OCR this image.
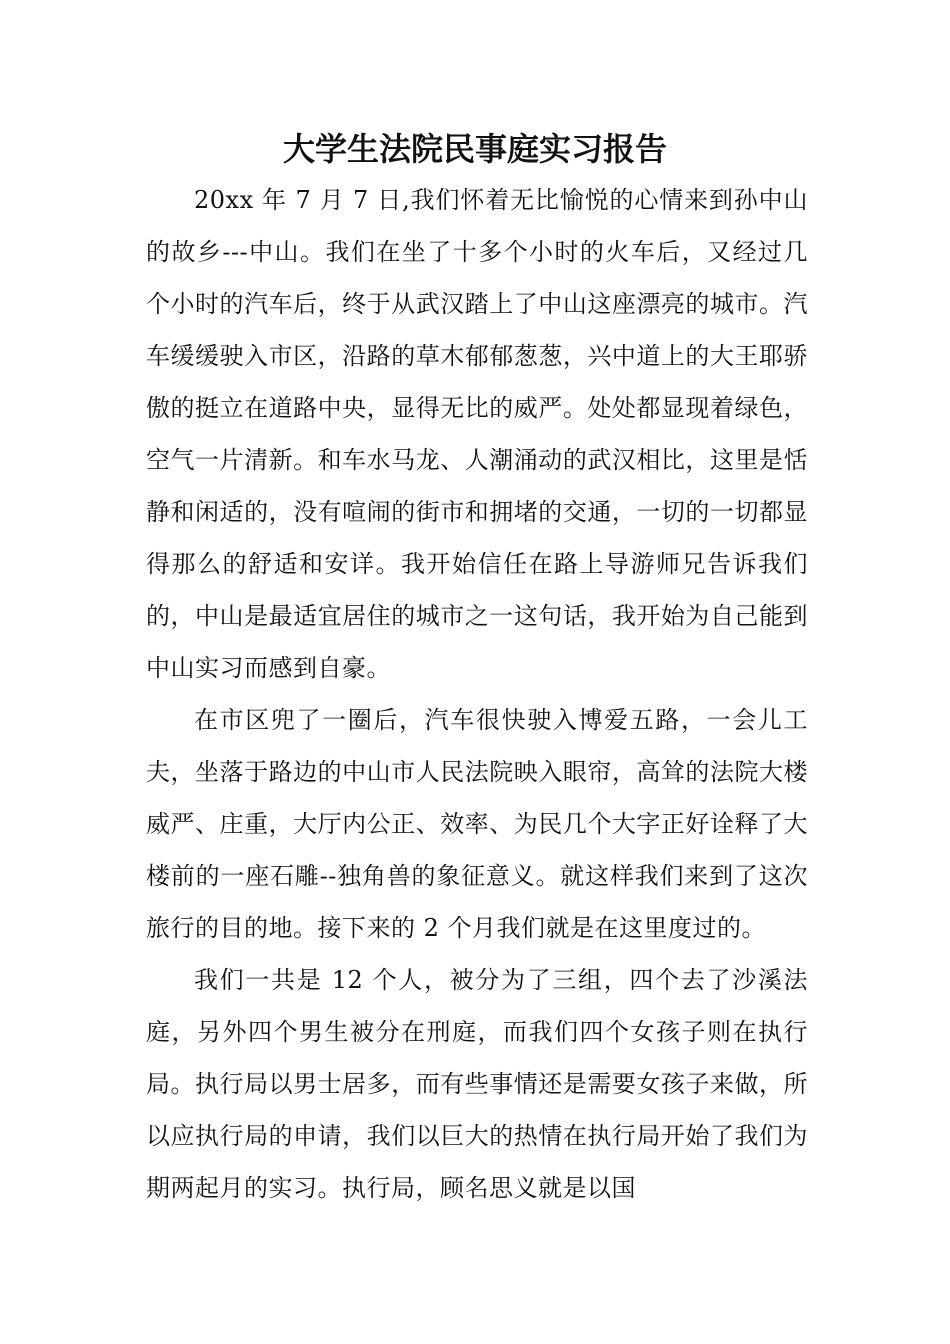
大学生法院民事庭实习报告

20xx 年 7 月 7 日,我们怀着无比愉悦的心情来到孙中山的故乡---中山。我们在坐了十多个小时的火车后，又经过几个小时的汽车后，终于从武汉踏上了中山这座漂亮的城市。汽车缓缓驶入市区，沿路的草木郁郁葱葱，兴中道上的大王耶骄傲的挺立在道路中央，显得无比的威严。处处都显现着绿色，空气一片清新。和车水马龙、人潮涌动的武汉相比，这里是恬静和闲适的，没有喧闹的街市和拥堵的交通，一切的一切都显得那么的舒适和安详。我开始信任在路上导游师兄告诉我们的，中山是最适宜居住的城市之一这句话，我开始为自己能到中山实习而感到自豪。

在市区兜了一圈后，汽车很快驶入博爱五路，一会儿工夫，坐落于路边的中山市人民法院映入眼帘，高耸的法院大楼威严、庄重，大厅内公正、效率、为民几个大字正好诠释了大楼前的一座石雕--独角兽的象征意义。就这样我们来到了这次旅行的目的地。接下来的 2 个月我们就是在这里度过的。

我们一共是 12 个人，被分为了三组，四个去了沙溪法庭，另外四个男生被分在刑庭，而我们四个女孩子则在执行局。执行局以男士居多，而有些事情还是需要女孩子来做，所以应执行局的申请，我们以巨大的热情在执行局开始了我们为期两起月的实习。执行局，顾名思义就是以国
